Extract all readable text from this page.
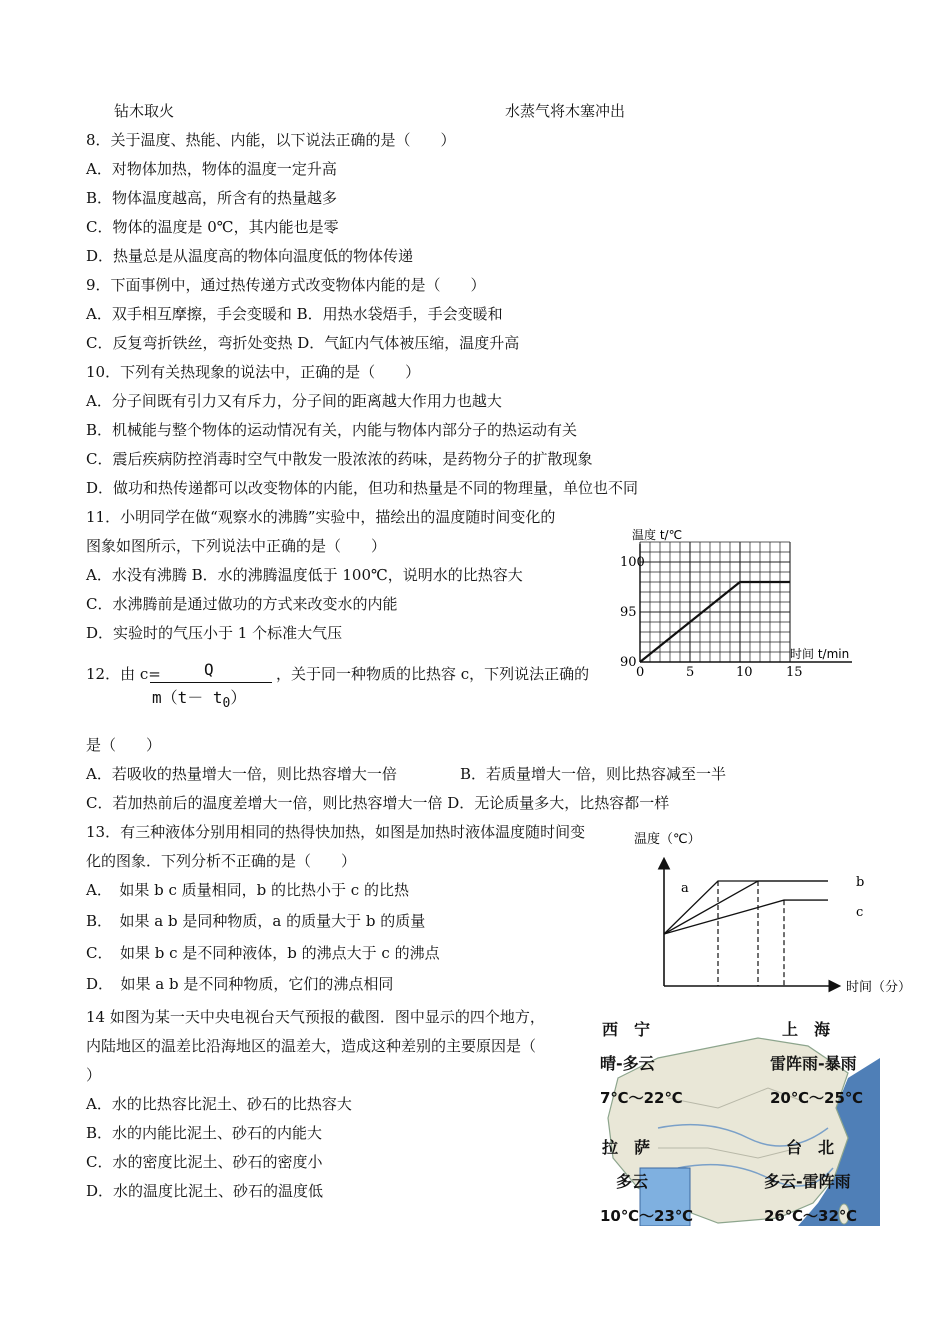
钻木取火	水蒸气将木塞冲出
8．关于温度、热能、内能，以下说法正确的是（　　）
A．对物体加热，物体的温度一定升高
B．物体温度越高，所含有的热量越多
C．物体的温度是 0℃，其内能也是零
D．热量总是从温度高的物体向温度低的物体传递
9．下面事例中，通过热传递方式改变物体内能的是（　　）
A．双手相互摩擦，手会变暖和 B．用热水袋焐手，手会变暖和
C．反复弯折铁丝，弯折处变热 D．气缸内气体被压缩，温度升高
10．下列有关热现象的说法中，正确的是（　　）
A．分子间既有引力又有斥力，分子间的距离越大作用力也越大
B．机械能与整个物体的运动情况有关，内能与物体内部分子的热运动有关
C．震后疾病防控消毒时空气中散发一股浓浓的药味，是药物分子的扩散现象
D．做功和热传递都可以改变物体的内能，但功和热量是不同的物理量，单位也不同
11．小明同学在做“观察水的沸腾”实验中，描绘出的温度随时间变化的
图象如图所示，下列说法中正确的是（　　）
A．水没有沸腾 B．水的沸腾温度低于 100℃，说明水的比热容大
C．水沸腾前是通过做功的方式来改变水的内能
D．实验时的气压小于 1 个标准大气压
温度 t/℃
时间 t/min
0	5	10	15
90
95
100
12．由 c=	Q
$m(t- t_0)$
，关于同一种物质的比热容 c，下列说法正确的
是（　　）
A．若吸收的热量增大一倍，则比热容增大一倍	B．若质量增大一倍，则比热容减至一半
C．若加热前后的温度差增大一倍，则比热容增大一倍 D．无论质量多大，比热容都一样
13．有三种液体分别用相同的热得快加热，如图是加热时液体温度随时间变
化的图象．下列分析不正确的是（　　）
A．　如果 b c 质量相同，b 的比热小于 c 的比热
B．　如果 a b 是同种物质，a 的质量大于 b 的质量
C．　如果 b c 是不同种液体，b 的沸点大于 c 的沸点
D．　如果 a b 是不同种物质，它们的沸点相同
温度（℃）
时间（分）
a	b
c
14 如图为某一天中央电视台天气预报的截图．图中显示的四个地方，
内陆地区的温差比沿海地区的温差大，造成这种差别的主要原因是（
）
A．水的比热容比泥土、砂石的比热容大
B．水的内能比泥土、砂石的内能大
C．水的密度比泥土、砂石的密度小
D．水的温度比泥土、砂石的温度低
西　宁
晴-多云
7℃～22℃
上　海
雷阵雨-暴雨
20℃～25℃
拉　萨
多云
10℃～23℃
台　北
多云-雷阵雨
26℃～32℃
